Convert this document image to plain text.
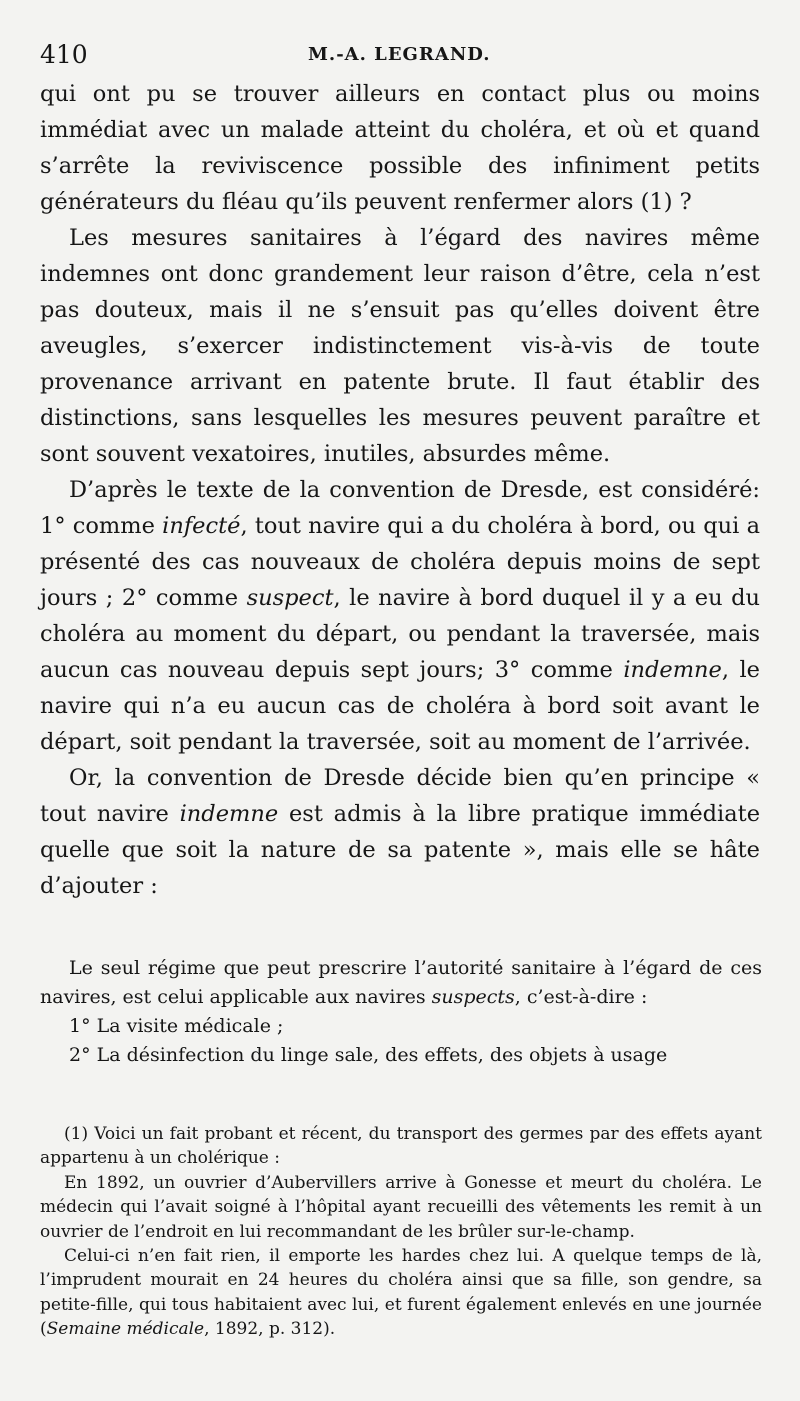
410	M.-A. LEGRAND.

qui ont pu se trouver ailleurs en contact plus ou moins immédiat avec un malade atteint du choléra, et où et quand s’arrête la reviviscence possible des infiniment petits générateurs du fléau qu’ils peuvent renfermer alors (1) ?

Les mesures sanitaires à l’égard des navires même indemnes ont donc grandement leur raison d’être, cela n’est pas douteux, mais il ne s’ensuit pas qu’elles doivent être aveugles, s’exercer indistinctement vis-à-vis de toute provenance arrivant en patente brute. Il faut établir des distinctions, sans lesquelles les mesures peuvent paraître et sont souvent vexatoires, inutiles, absurdes même.

D’après le texte de la convention de Dresde, est considéré: 1° comme infecté, tout navire qui a du choléra à bord, ou qui a présenté des cas nouveaux de choléra depuis moins de sept jours ; 2° comme suspect, le navire à bord duquel il y a eu du choléra au moment du départ, ou pendant la traversée, mais aucun cas nouveau depuis sept jours; 3° comme indemne, le navire qui n’a eu aucun cas de choléra à bord soit avant le départ, soit pendant la traversée, soit au moment de l’arrivée.

Or, la convention de Dresde décide bien qu’en principe « tout navire indemne est admis à la libre pratique immédiate quelle que soit la nature de sa patente », mais elle se hâte d’ajouter :

Le seul régime que peut prescrire l’autorité sanitaire à l’égard de ces navires, est celui applicable aux navires suspects, c’est-à-dire :

1° La visite médicale ;

2° La désinfection du linge sale, des effets, des objets à usage

(1) Voici un fait probant et récent, du transport des germes par des effets ayant appartenu à un cholérique :

En 1892, un ouvrier d’Aubervillers arrive à Gonesse et meurt du choléra. Le médecin qui l’avait soigné à l’hôpital ayant recueilli des vêtements les remit à un ouvrier de l’endroit en lui recommandant de les brûler sur-le-champ.

Celui-ci n’en fait rien, il emporte les hardes chez lui. A quelque temps de là, l’imprudent mourait en 24 heures du choléra ainsi que sa fille, son gendre, sa petite-fille, qui tous habitaient avec lui, et furent également enlevés en une journée (Semaine médicale, 1892, p. 312).
